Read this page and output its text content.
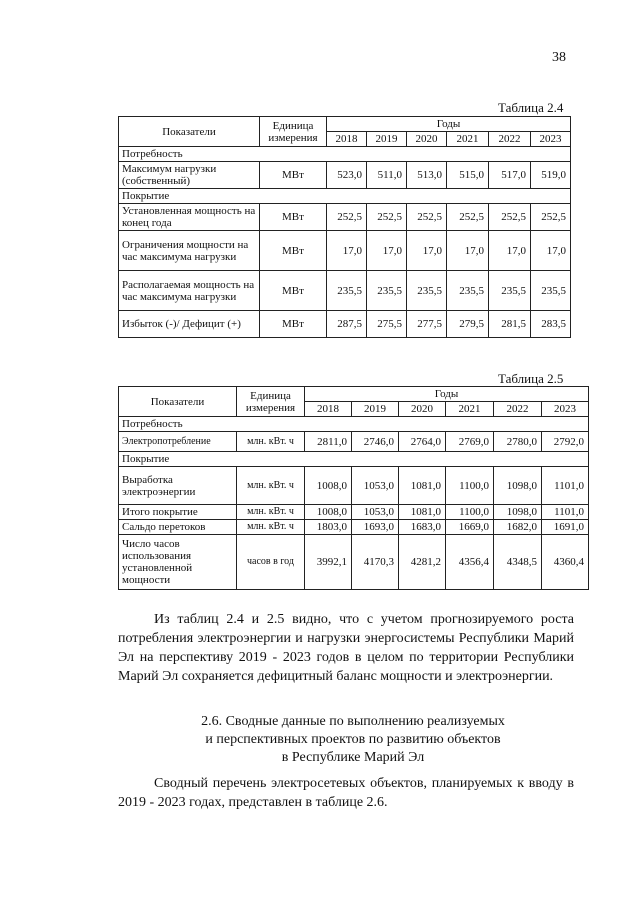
38
Таблица 2.4
Показатели	Единица измерения	Годы					
		2018	2019	2020	2021	2022	2023
Потребность							
Максимум нагрузки (собственный)	МВт	523,0	511,0	513,0	515,0	517,0	519,0
Покрытие							
Установленная мощность на конец года	МВт	252,5	252,5	252,5	252,5	252,5	252,5
Ограничения мощности на час максимума нагрузки	МВт	17,0	17,0	17,0	17,0	17,0	17,0
Располагаемая мощность на час максимума нагрузки	МВт	235,5	235,5	235,5	235,5	235,5	235,5
Избыток (-)/ Дефицит (+)	МВт	287,5	275,5	277,5	279,5	281,5	283,5
Таблица 2.5
Показатели	Единица измерения	Годы					
		2018	2019	2020	2021	2022	2023
Потребность							
Электропотребление	млн. кВт. ч	2811,0	2746,0	2764,0	2769,0	2780,0	2792,0
Покрытие							
Выработка электроэнергии	млн. кВт. ч	1008,0	1053,0	1081,0	1100,0	1098,0	1101,0
Итого покрытие	млн. кВт. ч	1008,0	1053,0	1081,0	1100,0	1098,0	1101,0
Сальдо перетоков	млн. кВт. ч	1803,0	1693,0	1683,0	1669,0	1682,0	1691,0
Число часов использования установленной мощности	часов в год	3992,1	4170,3	4281,2	4356,4	4348,5	4360,4

Из таблиц 2.4 и 2.5 видно, что с учетом прогнозируемого роста потребления электроэнергии и нагрузки энергосистемы Республики Марий Эл на перспективу 2019 - 2023 годов в целом по территории Республики Марий Эл сохраняется дефицитный баланс мощности и электроэнергии.

2.6. Сводные данные по выполнению реализуемых
и перспективных проектов по развитию объектов
в Республике Марий Эл

Сводный перечень электросетевых объектов, планируемых к вводу в 2019 - 2023 годах, представлен в таблице 2.6.
